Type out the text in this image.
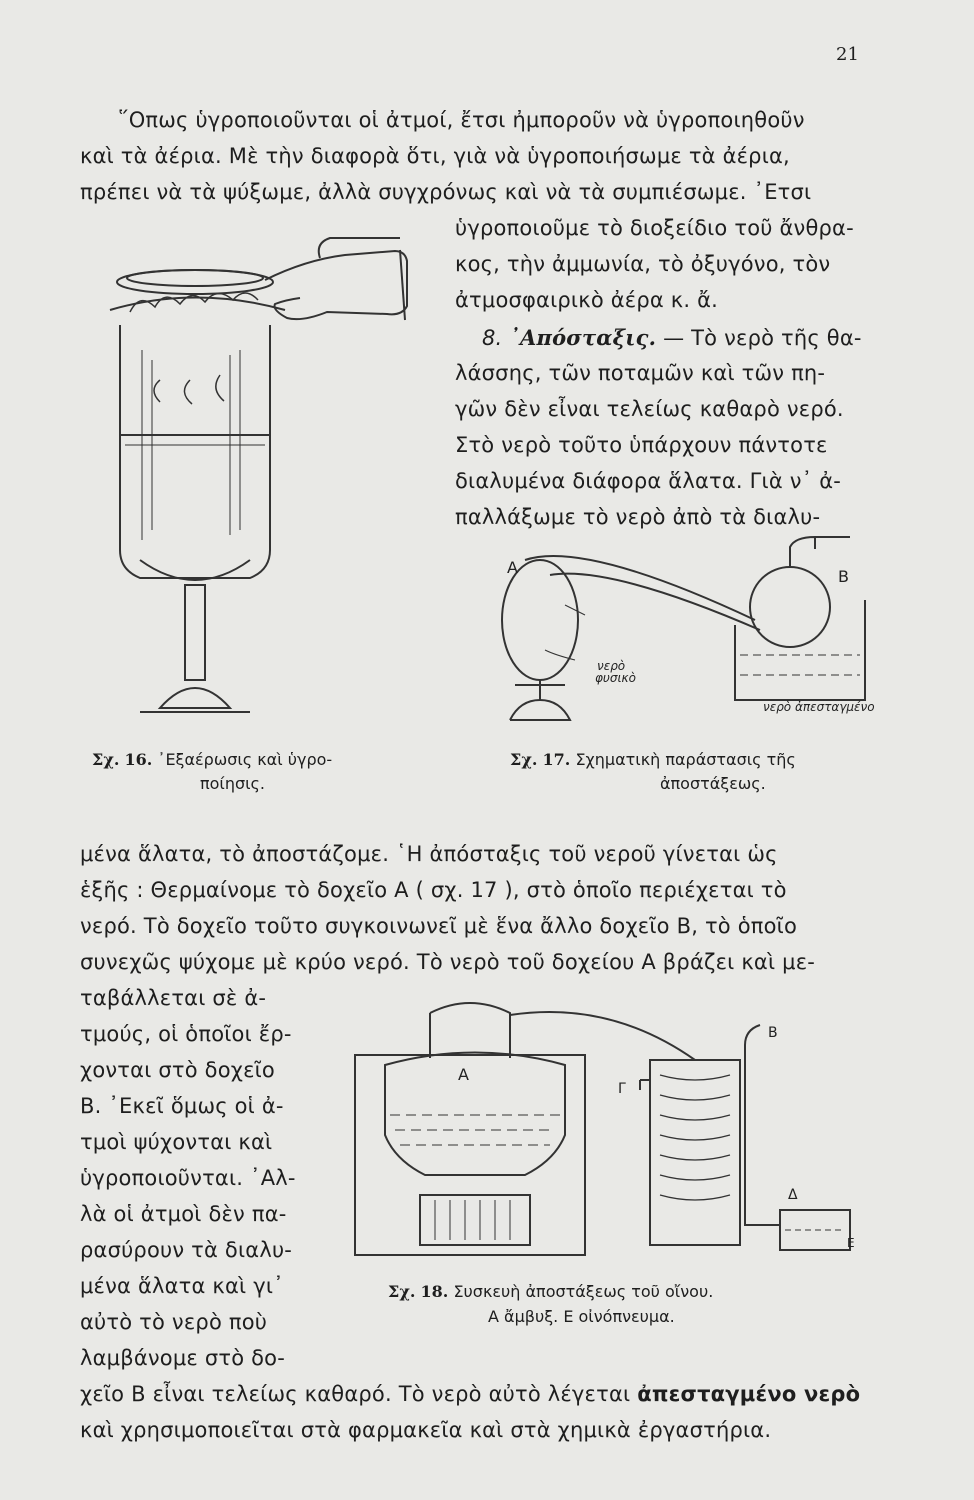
21
῞Οπως ὑγροποιοῦνται οἱ ἀτμοί, ἔτσι ἠμποροῦν νὰ ὑγροποιηθοῦν
καὶ τὰ ἀέρια. Μὲ τὴν διαφορὰ ὅτι, γιὰ νὰ ὑγροποιήσωμε τὰ ἀέρια,
πρέπει νὰ τὰ ψύξωμε, ἀλλὰ συγχρόνως καὶ νὰ τὰ συμπιέσωμε. ᾿Ετσι
ὑγροποιοῦμε τὸ διοξείδιο τοῦ ἄνθρα-
κος, τὴν ἀμμωνία, τὸ ὀξυγόνο, τὸν
ἀτμοσφαιρικὸ ἀέρα κ. ἄ.
8. ᾿Απόσταξις. — Τὸ νερὸ τῆς θα-
λάσσης, τῶν ποταμῶν καὶ τῶν πη-
γῶν δὲν εἶναι τελείως καθαρὸ νερό.
Στὸ νερὸ τοῦτο ὑπάρχουν πάντοτε
διαλυμένα διάφορα ἅλατα. Γιὰ ν᾿ ἀ-
παλλάξωμε τὸ νερὸ ἀπὸ τὰ διαλυ-
Α	Β
νερὸ
φυσικὸ
νερὸ ἀπεσταγμένο
Σχ. 16. ᾿Εξαέρωσις καὶ ὑγρο-
ποίησις.
Σχ. 17. Σχηματικὴ παράστασις τῆς
ἀποστάξεως.
μένα ἅλατα, τὸ ἀποστάζομε. ῾Η ἀπόσταξις τοῦ νεροῦ γίνεται ὡς
ἑξῆς : Θερμαίνομε τὸ δοχεῖο Α ( σχ. 17 ), στὸ ὁποῖο περιέχεται τὸ
νερό. Τὸ δοχεῖο τοῦτο συγκοινωνεῖ μὲ ἕνα ἄλλο δοχεῖο Β, τὸ ὁποῖο
συνεχῶς ψύχομε μὲ κρύο νερό. Τὸ νερὸ τοῦ δοχείου Α βράζει καὶ με-
ταβάλλεται σὲ ἀ-
τμούς, οἱ ὁποῖοι ἔρ-
χονται στὸ δοχεῖο
Β. ᾿Εκεῖ ὅμως οἱ ἀ-
τμοὶ ψύχονται καὶ
ὑγροποιοῦνται. ᾿Αλ-
λὰ οἱ ἀτμοὶ δὲν πα-
ρασύρουν τὰ διαλυ-
μένα ἅλατα καὶ γι᾿
αὐτὸ τὸ νερὸ ποὺ
λαμβάνομε στὸ δο-
Α
Β
Γ
Δ
Ε
Σχ. 18. Συσκευὴ ἀποστάξεως τοῦ οἴνου.
Α ἄμβυξ. Ε οἰνόπνευμα.
χεῖο Β εἶναι τελείως καθαρό. Τὸ νερὸ αὐτὸ λέγεται ἀπεσταγμένο νερὸ
καὶ χρησιμοποιεῖται στὰ φαρμακεῖα καὶ στὰ χημικὰ ἐργαστήρια.
